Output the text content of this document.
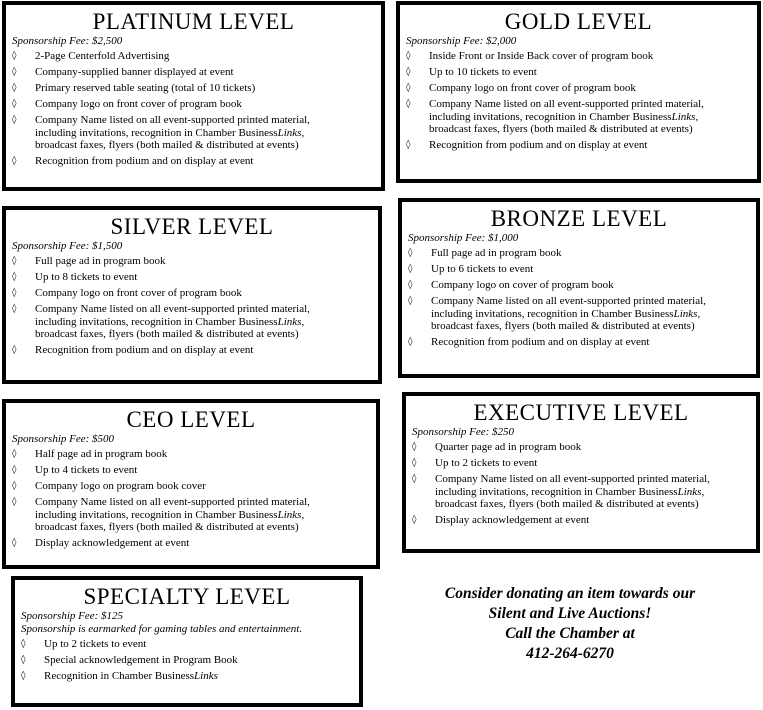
PLATINUM LEVEL

Sponsorship Fee: $2,500

◊ 2-Page Centerfold Advertising
◊ Company-supplied banner displayed at event
◊ Primary reserved table seating (total of 10 tickets)
◊ Company logo on front cover of program book
◊ Company Name listed on all event-supported printed material,
including invitations, recognition in Chamber BusinessLinks,
broadcast faxes, flyers (both mailed & distributed at events)
◊ Recognition from podium and on display at event
GOLD LEVEL

Sponsorship Fee: $2,000

◊ Inside Front or Inside Back cover of program book
◊ Up to 10 tickets to event
◊ Company logo on front cover of program book
◊ Company Name listed on all event-supported printed material,
including invitations, recognition in Chamber BusinessLinks,
broadcast faxes, flyers (both mailed & distributed at events)
◊ Recognition from podium and on display at event
SILVER LEVEL

Sponsorship Fee: $1,500

◊ Full page ad in program book
◊ Up to 8 tickets to event
◊ Company logo on front cover of program book
◊ Company Name listed on all event-supported printed material,
including invitations, recognition in Chamber BusinessLinks,
broadcast faxes, flyers (both mailed & distributed at events)
◊ Recognition from podium and on display at event
BRONZE LEVEL

Sponsorship Fee: $1,000

◊ Full page ad in program book
◊ Up to 6 tickets to event
◊ Company logo on cover of program book
◊ Company Name listed on all event-supported printed material,
including invitations, recognition in Chamber BusinessLinks,
broadcast faxes, flyers (both mailed & distributed at events)
◊ Recognition from podium and on display at event
CEO LEVEL

Sponsorship Fee: $500

◊ Half page ad in program book
◊ Up to 4 tickets to event
◊ Company logo on program book cover
◊ Company Name listed on all event-supported printed material,
including invitations, recognition in Chamber BusinessLinks,
broadcast faxes, flyers (both mailed & distributed at events)
◊ Display acknowledgement at event
EXECUTIVE LEVEL

Sponsorship Fee: $250

◊ Quarter page ad in program book
◊ Up to 2 tickets to event
◊ Company Name listed on all event-supported printed material,
including invitations, recognition in Chamber BusinessLinks,
broadcast faxes, flyers (both mailed & distributed at events)
◊ Display acknowledgement at event
SPECIALTY LEVEL

Sponsorship Fee: $125

Sponsorship is earmarked for gaming tables and entertainment.

◊ Up to 2 tickets to event
◊ Special acknowledgement in Program Book
◊ Recognition in Chamber BusinessLinks
Consider donating an item towards our
Silent and Live Auctions!
Call the Chamber at
412-264-6270
